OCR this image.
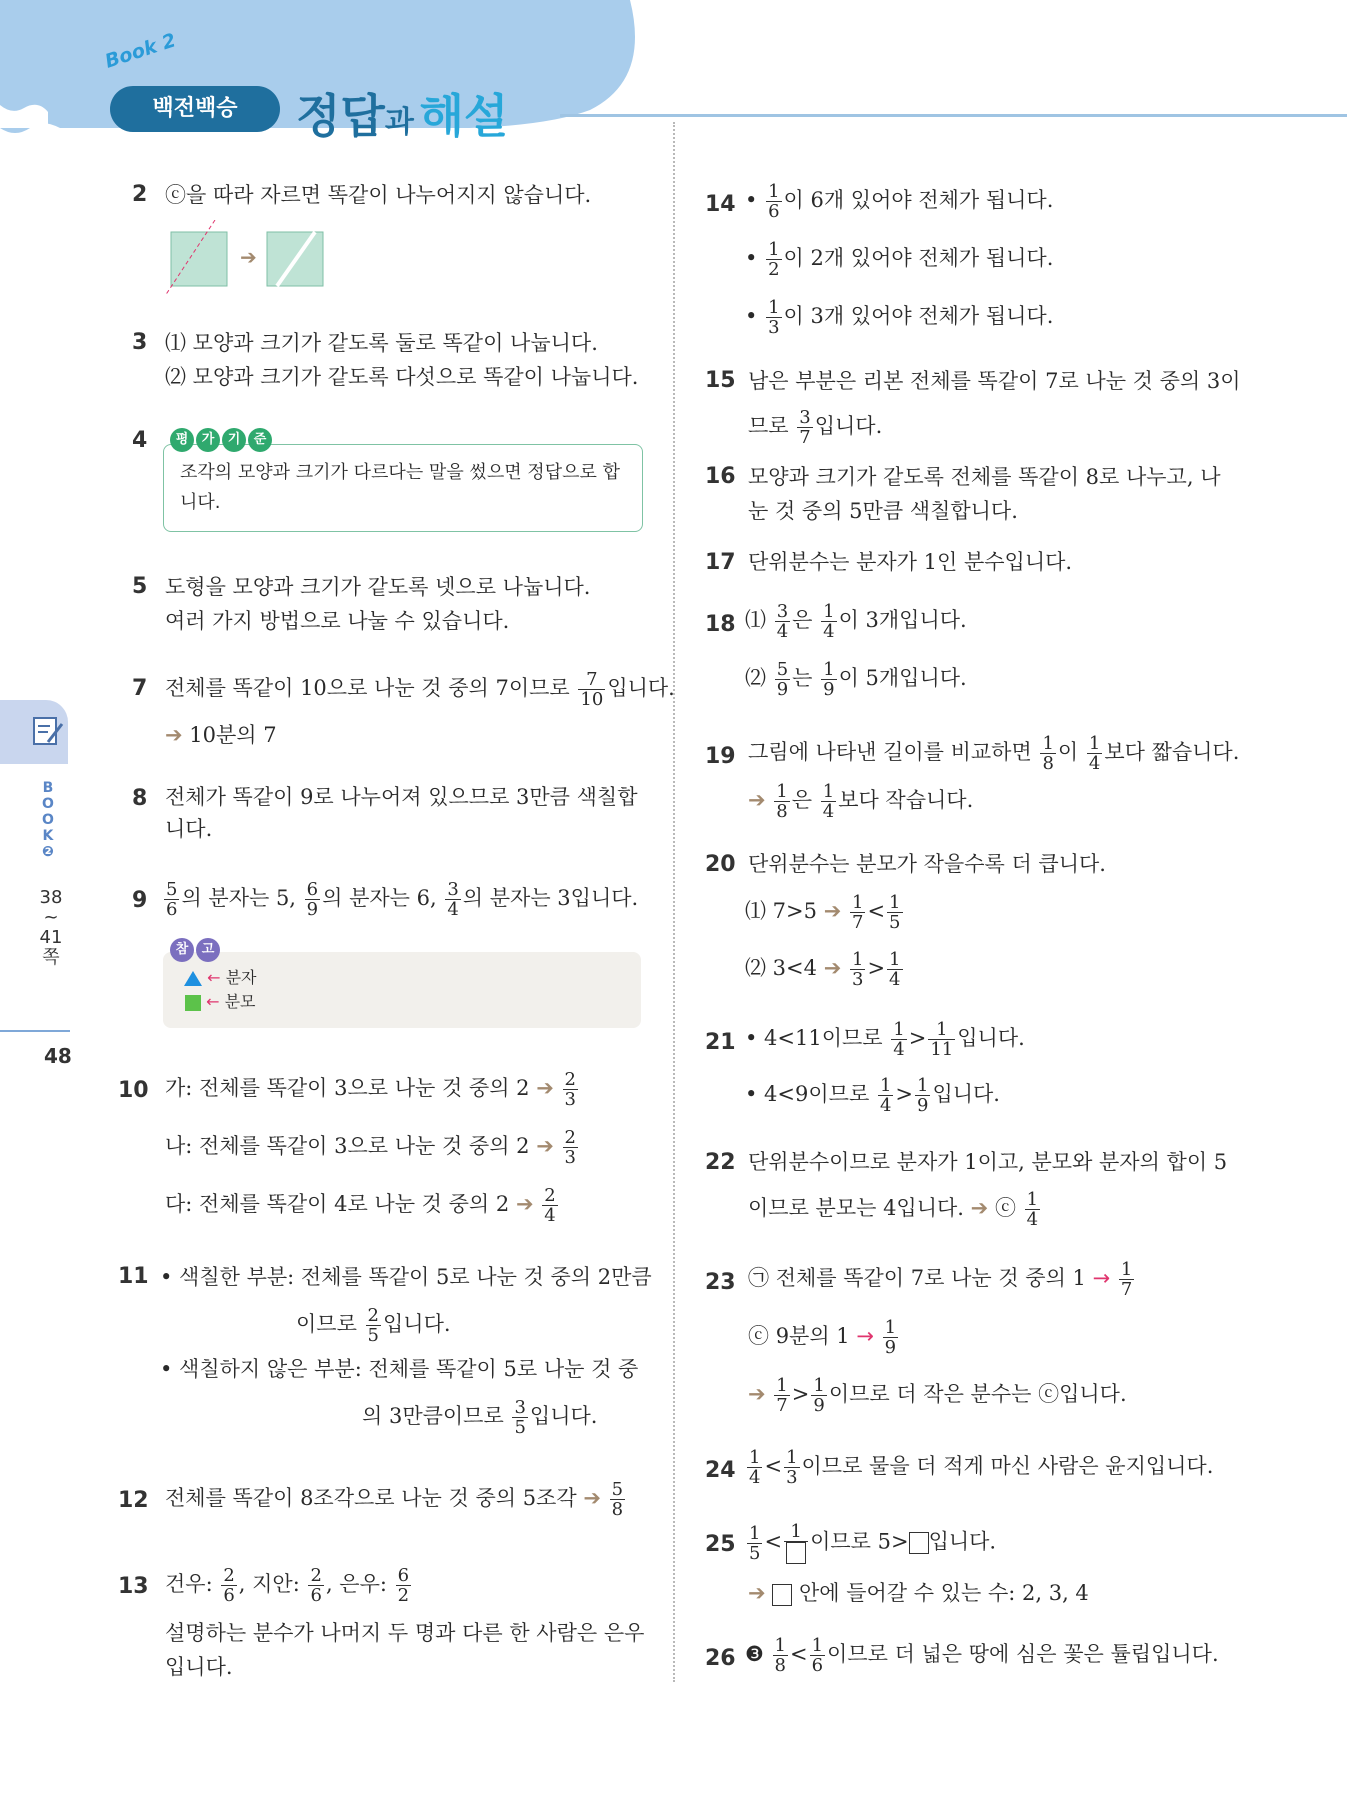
Book 2
백전백승	정답과 해설
B
O
O
K
❷
38
~
41
쪽
48
2 ⓒ을 따라 자르면 똑같이 나누어지지 않습니다.
➔
3 ⑴ 모양과 크기가 같도록 둘로 똑같이 나눕니다.
⑵ 모양과 크기가 같도록 다섯으로 똑같이 나눕니다.
4	평	가	기	준
조각의 모양과 크기가 다르다는 말을 썼으면 정답으로 합
니다.
5 도형을 모양과 크기가 같도록 넷으로 나눕니다.
여러 가지 방법으로 나눌 수 있습니다.
7 전체를 똑같이 10으로 나눈 것 중의 7이므로 $\frac{7}{10}$ 입니다.
➔ 10분의 7
8 전체가 똑같이 9로 나누어져 있으므로 3만큼 색칠합
니다.
$9 \frac{5}{6}$ 의 분자는 5, $\frac{6}{9}$ 의 분자는 6, $\frac{3}{4}$ 의 분자는 3입니다.
참	고
← 분자
← 분모
10 가: 전체를 똑같이 3으로 나눈 것 중의 2 ➔ $\frac{2}{3}$
나: 전체를 똑같이 3으로 나눈 것 중의 2 ➔ $\frac{2}{3}$
다: 전체를 똑같이 4로 나눈 것 중의 2 ➔ $\frac{2}{4}$
11 • 색칠한 부분: 전체를 똑같이 5로 나눈 것 중의 2만큼
이므로 $\frac{2}{5}$ 입니다.
• 색칠하지 않은 부분: 전체를 똑같이 5로 나눈 것 중
의 3만큼이므로 $\frac{3}{5}$ 입니다.
12 전체를 똑같이 8조각으로 나눈 것 중의 5조각 ➔ $\frac{5}{8}$
13 건우: $\frac{2}{6}$ , 지안: $\frac{2}{6}$ , 은우: $\frac{6}{2}$
설명하는 분수가 나머지 두 명과 다른 한 사람은 은우
입니다.
14 • $\frac{1}{6}$ 이 6개 있어야 전체가 됩니다.
• $\frac{1}{2}$ 이 2개 있어야 전체가 됩니다.
• $\frac{1}{3}$ 이 3개 있어야 전체가 됩니다.
15 남은 부분은 리본 전체를 똑같이 7로 나눈 것 중의 3이
므로 $\frac{3}{7}$ 입니다.
16 모양과 크기가 같도록 전체를 똑같이 8로 나누고, 나
눈 것 중의 5만큼 색칠합니다.
17 단위분수는 분자가 1인 분수입니다.
18 ⑴ $\frac{3}{4}$ 은 $\frac{1}{4}$ 이 3개입니다.
⑵ $\frac{5}{9}$ 는 $\frac{1}{9}$ 이 5개입니다.
19 그림에 나타낸 길이를 비교하면 $\frac{1}{8}$ 이 $\frac{1}{4}$ 보다 짧습니다.
➔ $\frac{1}{8}$ 은 $\frac{1}{4}$ 보다 작습니다.
20 단위분수는 분모가 작을수록 더 큽니다.
⑴ 7>5 ➔ $\frac{1}{7} < \frac{1}{5}$
⑵ 3<4 ➔ $\frac{1}{3} > \frac{1}{4}$
21 • 4<11이므로 $\frac{1}{4} > \frac{1}{11}$ 입니다.
• 4<9이므로 $\frac{1}{4} > \frac{1}{9}$ 입니다.
22 단위분수이므로 분자가 1이고, 분모와 분자의 합이 5
이므로 분모는 4입니다. ➔ ⓒ $\frac{1}{4}$
23 ㉠ 전체를 똑같이 7로 나눈 것 중의 $1 \to \frac{1}{7}$
ⓒ 9분의 $1 \to \frac{1}{9}$
➔ $\frac{1}{7} > \frac{1}{9}$ 이므로 더 작은 분수는 ⓒ입니다.
$24 \frac{1}{4} < \frac{1}{3}$ 이므로 물을 더 적게 마신 사람은 윤지입니다.
$25 \frac{1}{5} < 1$ 이므로 5> 입니다.
➔ 안에 들어갈 수 있는 수: 2, 3, 4
26 ❸ $\frac{1}{8} < \frac{1}{6}$ 이므로 더 넓은 땅에 심은 꽃은 튤립입니다.
